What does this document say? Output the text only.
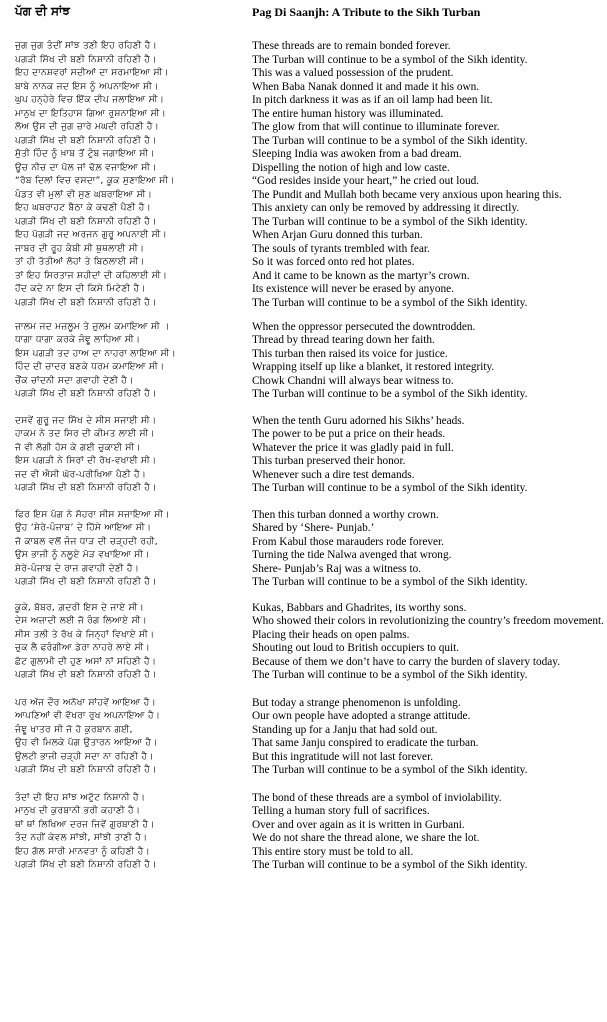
ਪੱਗ ਦੀ ਸਾਂਝ	Pag Di Saanjh: A Tribute to the Sikh Turban
ਜੁਗ ਜੁਗ ਤੰਦੀਂ ਸਾਂਝ ਤਣੀ ਇਹ ਰਹਿਣੀ ਹੈ।
ਪਗੜੀ ਸਿੱਖ ਦੀ ਬਣੀ ਨਿਸ਼ਾਨੀ ਰਹਿਣੀ ਹੈ।
ਇਹ ਦਾਨਸ਼ਵਰਾਂ ਸਦੀਆਂ ਦਾ ਸਰਮਾਇਆ ਸੀ।
ਬਾਬੇ ਨਾਨਕ ਜਦ ਇਸ ਨੂੰ ਅਪਨਾਇਆ ਸੀ।
ਘੁਪ ਹਨ੍ਹੇਰੇ ਵਿਚ ਇੱਕ ਦੀਪ ਜਲਾਇਆ ਸੀ।
ਮਾਨੁਖ ਦਾ ਇਤਿਹਾਸ ਗਿਆ ਰੁਸ਼ਨਾਇਆ ਸੀ।
ਲੋਅ ਉਸ ਦੀ ਜੁਗ ਚਾਰੇ ਮਘਦੀ ਰਹਿਣੀ ਹੈ।
ਪਗੜੀ ਸਿੱਖ ਦੀ ਬਣੀ ਨਿਸ਼ਾਨੀ ਰਹਿਣੀ ਹੈ।
ਸੁੱਤੀ ਹਿੰਦ ਨੂੰ ਖ਼ਾਬ ਤੋਂ ਟੁੰਬ ਜਗਾਇਆ ਸੀ।
ਊਚ ਨੀਚ ਦਾ ਪੋਲ ਜਾਂ ਢੋਲ਼ ਵਜਾਇਆ ਸੀ।
“ਰੱਬ ਦਿਲਾਂ ਵਿਚ ਵਸਦਾ”, ਕੂਕ ਸੁਣਾਇਆ ਸੀ।
ਪੰਡਤ ਵੀ ਮੁਲਾਂ ਵੀ ਸੁਣ ਘਬਰਾਇਆ ਸੀ।
ਇਹ ਘਬਰਾਹਟ ਬੈਠਾ ਕੇ ਕਢਣੀ ਪੈਣੀ ਹੈ।
ਪਗੜੀ ਸਿੱਖ ਦੀ ਬਣੀ ਨਿਸ਼ਾਨੀ ਰਹਿਣੀ ਹੈ।
ਇਹ ਪੱਗੜੀ ਜਦ ਅਰਜਨ ਗੁਰੂ ਅਪਨਾਈ ਸੀ।
ਜਾਬਰ ਦੀ ਰੂਹ ਕੰਬੀ ਸੀ ਥੁਥਲਾਈ ਸੀ।
ਤਾਂ ਹੀ ਤੱਤੀਆਂ ਲੋਹਾਂ ਤੇ ਬਿਠਲਾਈ ਸੀ।
ਤਾਂ ਇਹ ਸਿਰਤਾਜ ਸ਼ਹੀਦਾਂ ਦੀ ਕਹਿਲਾਈ ਸੀ।
ਹੋਂਦ ਕਦੇ ਨਾ ਇਸ ਦੀ ਕਿਸੇ ਮਿਟੇਣੀ ਹੈ।
ਪਗੜੀ ਸਿੱਖ ਦੀ ਬਣੀ ਨਿਸ਼ਾਨੀ ਰਹਿਣੀ ਹੈ।
ਜ਼ਾਲਮ ਜਦ ਮਜ਼ਲੂਮ ਤੇ ਜ਼ੁਲਮ ਕਮਾਇਆ ਸੀ ।
ਧਾਗਾ ਧਾਗਾ ਕਰਕੇ ਜੰਞੂ ਲਾਹਿਆ ਸੀ।
ਇਸ ਪਗੜੀ ਤਦ ਹਾਅ ਦਾ ਨਾਹਰਾ ਲਾਇਆ ਸੀ।
ਹਿੰਦ ਦੀ ਚਾਦਰ ਬਣਕੇ ਧਰਮ ਕਮਾਇਆ ਸੀ।
ਚੌਂਕ ਚਾਂਦਨੀ ਸਦਾ ਗਵਾਹੀ ਦੇਣੀ ਹੈ।
ਪਗੜੀ ਸਿੱਖ ਦੀ ਬਣੀ ਨਿਸ਼ਾਨੀ ਰਹਿਣੀ ਹੈ।
ਦਸਵੇਂ ਗੁਰੂ ਜਦ ਸਿੱਖ ਦੇ ਸੀਸ ਸਜਾਈ ਸੀ।
ਹਾਕਮ ਨੇ ਤਦ ਸਿਰ ਦੀ ਕੀਮਤ ਲਾਈ ਸੀ।
ਜੋ ਵੀ ਲੱਗੀ ਹੱਸ ਕੇ ਗਈ ਚੁਕਾਈ ਸੀ।
ਇਸ ਪਗੜੀ ਨੇ ਸਿਰਾਂ ਦੀ ਰੱਖ-ਵਖਾਈ ਸੀ।
ਜਦ ਵੀ ਐਸੀ ਘੋਰ-ਪਰੀਖਿਆ ਪੈਣੀ ਹੈ।
ਪਗੜੀ ਸਿੱਖ ਦੀ ਬਣੀ ਨਿਸ਼ਾਨੀ ਰਹਿਣੀ ਹੈ।
ਫਿਰ ਇਸ ਪੱਗ ਨੇ ਸੋਹਰਾ ਸੀਸ ਸਜਾਇਆ ਸੀ।
ਉਹ ‘ਸ਼ੇਰੇ-ਪੰਜਾਬ’ ਦੇ ਹਿੱਸੇ ਆਇਆ ਸੀ।
ਜੋ ਕਾਬਲ ਵਲੋਂ ਜੰਜ ਧਾੜ ਦੀ ਚੜ੍ਹਦੀ ਰਹੀ,
ਉਸ ਭਾਜੀ ਨੂੰ ਨਲੂਏ ਮੋੜ ਵਖਾਇਆ ਸੀ।
ਸ਼ੇਰੇ-ਪੰਜਾਬ ਦੇ ਰਾਜ ਗਵਾਹੀ ਦੇਣੀ ਹੈ।
ਪਗੜੀ ਸਿੱਖ ਦੀ ਬਣੀ ਨਿਸ਼ਾਨੀ ਰਹਿਣੀ ਹੈ।
ਕੂਕੇ, ਬੱਬਰ, ਗ਼ਦਰੀ ਇਸ ਦੇ ਜਾਏ ਸੀ।
ਦੇਸ ਅਜ਼ਾਦੀ ਲਈ ਜੋ ਰੰਗ ਲਿਆਏ ਸੀ।
ਸੀਸ ਤਲੀ ਤੇ ਰੱਖ ਕੇ ਜਿਨ੍ਹਾਂ ਵਿਖਾਏ ਸੀ।
ਚੁਕ ਲੈ ਫਰੰਗੀਆ ਡੇਰਾ ਨਾਹਰੇ ਲਾਏ ਸੀ।
ਛੱਟ ਗੁਲਾਮੀ ਦੀ ਹੁਣ ਅਸਾਂ ਨਾਂ ਸਹਿਣੀ ਹੈ।
ਪਗੜੀ ਸਿੱਖ ਦੀ ਬਣੀ ਨਿਸ਼ਾਨੀ ਰਹਿਣੀ ਹੈ।
ਪਰ ਅੱਜ ਦੌਰ ਅਨੋਖਾ ਸਾਂਹਵੇਂ ਆਇਆ ਹੈ।
ਆਪਣਿਆਂ ਵੀ ਵੱਖਰਾ ਰੁਖ ਅਪਨਾਇਆ ਹੈ।
ਜੰਞੂ ਖਾਤਰ ਸੀ ਜੋ ਹੋ ਕੁਰਬਾਨ ਗਈ,
ਉਹ ਵੀ ਮਿਲਕੇ ਪੱਗ ਉਤਾਰਨ ਆਇਆ ਹੈ।
ਉਲਟੀ ਭਾਜੀ ਚੜ੍ਹੀ ਸਦਾ ਨਾ ਰਹਿਣੀ ਹੈ।
ਪਗੜੀ ਸਿੱਖ ਦੀ ਬਣੀ ਨਿਸ਼ਾਨੀ ਰਹਿਣੀ ਹੈ।
ਤੰਦਾਂ ਦੀ ਇਹ ਸਾਂਝ ਅਟੁੱਟ ਨਿਸ਼ਾਨੀ ਹੈ।
ਮਾਨੁਖ ਦੀ ਕੁਰਬਾਨੀ ਭਰੀ ਕਹਾਣੀ ਹੈ।
ਥਾਂ ਥਾਂ ਲਿਖਿਆ ਦਰਜ ਜਿਵੇਂ ਗੁਰਬਾਣੀ ਹੈ।
ਤੰਦ ਨਹੀਂ ਕੇਵਲ ਸਾਂਝੀ, ਸਾਂਝੀ ਤਾਣੀ ਹੈ।
ਇਹ ਗੱਲ ਸਾਰੀ ਮਾਨਵਤਾ ਨੂੰ ਕਹਿਣੀ ਹੈ।
ਪਗੜੀ ਸਿੱਖ ਦੀ ਬਣੀ ਨਿਸ਼ਾਨੀ ਰਹਿਣੀ ਹੈ।
These threads are to remain bonded forever.
The Turban will continue to be a symbol of the Sikh identity.
This was a valued possession of the prudent.
When Baba Nanak donned it and made it his own.
In pitch darkness it was as if an oil lamp had been lit.
The entire human history was illuminated.
The glow from that will continue to illuminate forever.
The Turban will continue to be a symbol of the Sikh identity.
Sleeping India was awoken from a bad dream.
Dispelling the notion of high and low caste.
“God resides inside your heart,” he cried out loud.
The Pundit and Mullah both became very anxious upon hearing this.
This anxiety can only be removed by addressing it directly.
The Turban will continue to be a symbol of the Sikh identity.
When Arjan Guru donned this turban.
The souls of tyrants trembled with fear.
So it was forced onto red hot plates.
And it came to be known as the martyr’s crown.
Its existence will never be erased by anyone.
The Turban will continue to be a symbol of the Sikh identity.
When the oppressor persecuted the downtrodden.
Thread by thread tearing down her faith.
This turban then raised its voice for justice.
Wrapping itself up like a blanket, it restored integrity.
Chowk Chandni will always bear witness to.
The Turban will continue to be a symbol of the Sikh identity.
When the tenth Guru adorned his Sikhs’ heads.
The power to be put a price on their heads.
Whatever the price it was gladly paid in full.
This turban preserved their honor.
Whenever such a dire test demands.
The Turban will continue to be a symbol of the Sikh identity.
Then this turban donned a worthy crown.
Shared by ‘Shere- Punjab.’
From Kabul those marauders rode forever.
Turning the tide Nalwa avenged that wrong.
Shere- Punjab’s Raj was a witness to.
The Turban will continue to be a symbol of the Sikh identity.
Kukas, Babbars and Ghadrites, its worthy sons.
Who showed their colors in revolutionizing the country’s freedom movement.
Placing their heads on open palms.
Shouting out loud to British occupiers to quit.
Because of them we don’t have to carry the burden of slavery today.
The Turban will continue to be a symbol of the Sikh identity.
But today a strange phenomenon is unfolding.
Our own people have adopted a strange attitude.
Standing up for a Janju that had sold out.
That same Janju conspired to eradicate the turban.
But this ingratitude will not last forever.
The Turban will continue to be a symbol of the Sikh identity.
The bond of these threads are a symbol of inviolability.
Telling a human story full of sacrifices.
Over and over again as it is written in Gurbani.
We do not share the thread alone, we share the lot.
This entire story must be told to all.
The Turban will continue to be a symbol of the Sikh identity.
